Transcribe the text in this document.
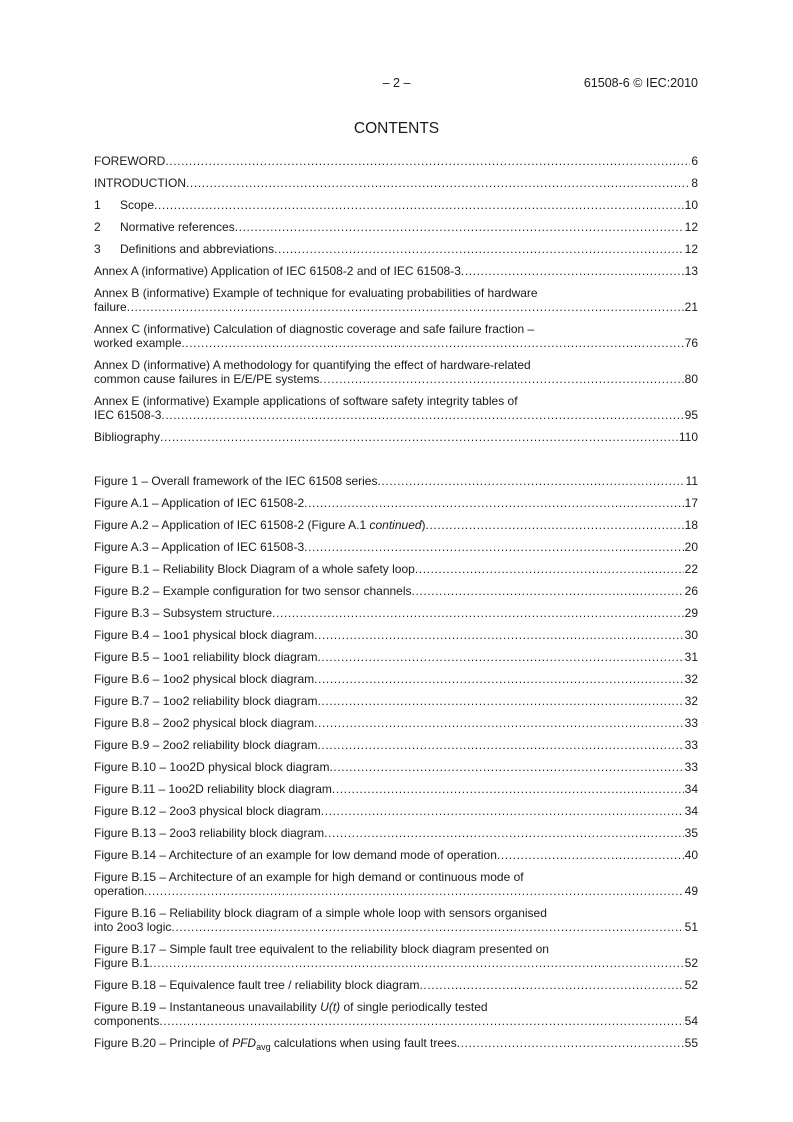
– 2 –	61508-6 © IEC:2010
CONTENTS
FOREWORD .....	6
INTRODUCTION .....	8
1 Scope .....	10
2 Normative references .....	12
3 Definitions and abbreviations .....	12
Annex A (informative) Application of IEC 61508-2 and of IEC 61508-3 .....	13
Annex B (informative) Example of technique for evaluating probabilities of hardware
failure .....	21
Annex C (informative) Calculation of diagnostic coverage and safe failure fraction –
worked example .....	76
Annex D (informative) A methodology for quantifying the effect of hardware-related
common cause failures in E/E/PE systems .....	80
Annex E (informative) Example applications of software safety integrity tables of
IEC 61508-3 .....	95
Bibliography .....	110
Figure 1 – Overall framework of the IEC 61508 series .....	11
Figure A.1 – Application of IEC 61508-2 .....	17
Figure A.2 – Application of IEC 61508-2 (Figure A.1 continued) .....	18
Figure A.3 – Application of IEC 61508-3 .....	20
Figure B.1 – Reliability Block Diagram of a whole safety loop .....	22
Figure B.2 – Example configuration for two sensor channels .....	26
Figure B.3 – Subsystem structure .....	29
Figure B.4 – 1oo1 physical block diagram .....	30
Figure B.5 – 1oo1 reliability block diagram .....	31
Figure B.6 – 1oo2 physical block diagram .....	32
Figure B.7 – 1oo2 reliability block diagram .....	32
Figure B.8 – 2oo2 physical block diagram .....	33
Figure B.9 – 2oo2 reliability block diagram .....	33
Figure B.10 – 1oo2D physical block diagram .....	33
Figure B.11 – 1oo2D reliability block diagram .....	34
Figure B.12 – 2oo3 physical block diagram .....	34
Figure B.13 – 2oo3 reliability block diagram .....	35
Figure B.14 – Architecture of an example for low demand mode of operation .....	40
Figure B.15 – Architecture of an example for high demand or continuous mode of
operation .....	49
Figure B.16 – Reliability block diagram of a simple whole loop with sensors organised
into 2oo3 logic .....	51
Figure B.17 – Simple fault tree equivalent to the reliability block diagram presented on
Figure B.1 .....	52
Figure B.18 – Equivalence fault tree / reliability block diagram .....	52
Figure B.19 – Instantaneous unavailability U(t) of single periodically tested
components .....	54
Figure B.20 – Principle of $PFD_{avg}$ calculations when using fault trees .....	55
